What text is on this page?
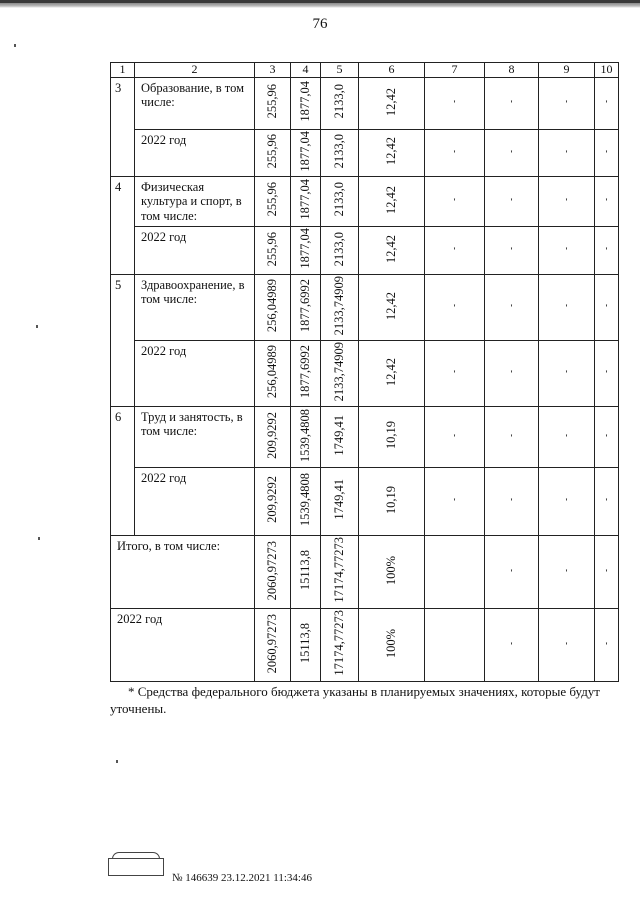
76
1	2	3	4	5	6	7	8	9	10
3	Образование, в том числе:	255,96	1877,04	2133,0	12,42	'	'	'	'
	2022 год	255,96	1877,04	2133,0	12,42	'	'	'	'
4	Физическая культура и спорт, в том числе:	255,96	1877,04	2133,0	12,42	'	'	'	'
	2022 год	255,96	1877,04	2133,0	12,42	'	'	'	'
5	Здравоохранение, в том числе:	256,04989	1877,6992	2133,74909	12,42	'	'	'	'
	2022 год	256,04989	1877,6992	2133,74909	12,42	'	'	'	'
6	Труд и занятость, в том числе:	209,9292	1539,4808	1749,41	10,19	'	'	'	'
	2022 год	209,9292	1539,4808	1749,41	10,19	'	'	'	'
Итого, в том числе:		2060,97273	15113,8	17174,77273	100%		'	'	'
2022 год		2060,97273	15113,8	17174,77273	100%		'	'	'
* Средства федерального бюджета указаны в планируемых значениях, которые будут уточнены.
№ 146639 23.12.2021 11:34:46
